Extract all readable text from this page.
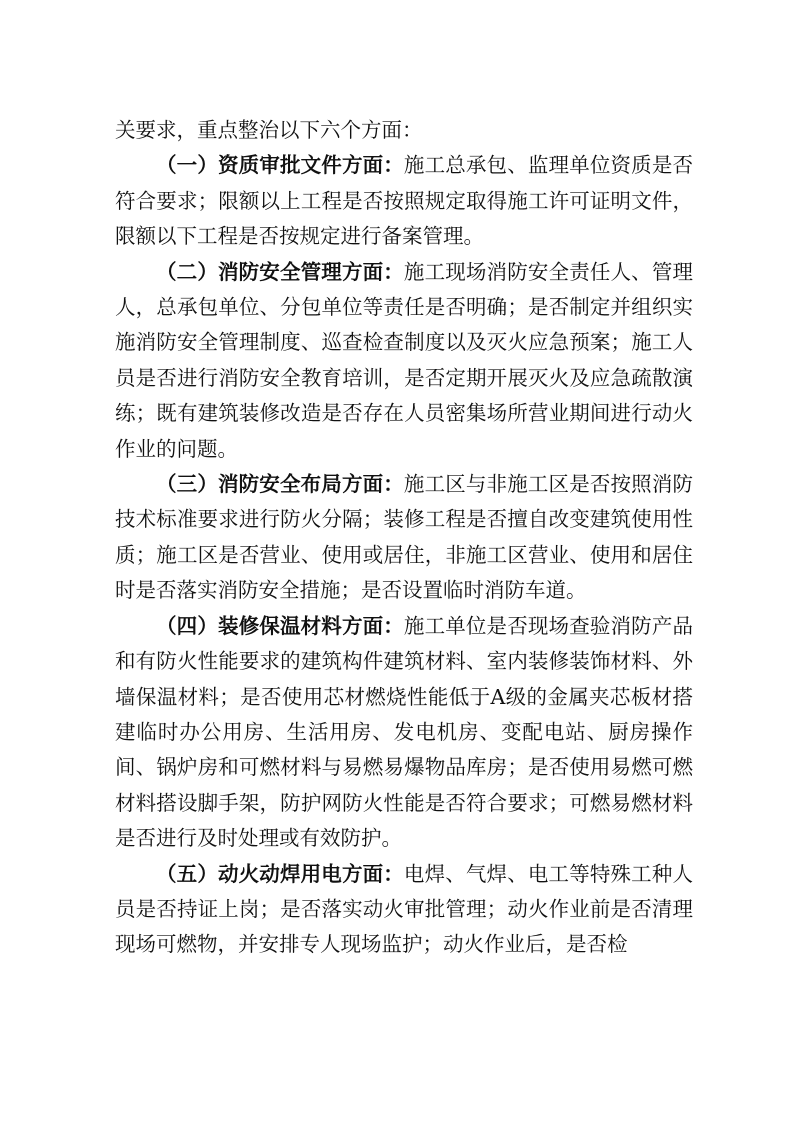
关要求，重点整治以下六个方面：

（一）资质审批文件方面：施工总承包、监理单位资质是否符合要求；限额以上工程是否按照规定取得施工许可证明文件，限额以下工程是否按规定进行备案管理。

（二）消防安全管理方面：施工现场消防安全责任人、管理人，总承包单位、分包单位等责任是否明确；是否制定并组织实施消防安全管理制度、巡查检查制度以及灭火应急预案；施工人员是否进行消防安全教育培训，是否定期开展灭火及应急疏散演练；既有建筑装修改造是否存在人员密集场所营业期间进行动火作业的问题。

（三）消防安全布局方面：施工区与非施工区是否按照消防技术标准要求进行防火分隔；装修工程是否擅自改变建筑使用性质；施工区是否营业、使用或居住，非施工区营业、使用和居住时是否落实消防安全措施；是否设置临时消防车道。

（四）装修保温材料方面：施工单位是否现场查验消防产品和有防火性能要求的建筑构件建筑材料、室内装修装饰材料、外墙保温材料；是否使用芯材燃烧性能低于A级的金属夹芯板材搭建临时办公用房、生活用房、发电机房、变配电站、厨房操作间、锅炉房和可燃材料与易燃易爆物品库房；是否使用易燃可燃材料搭设脚手架，防护网防火性能是否符合要求；可燃易燃材料是否进行及时处理或有效防护。

（五）动火动焊用电方面：电焊、气焊、电工等特殊工种人员是否持证上岗；是否落实动火审批管理；动火作业前是否清理现场可燃物，并安排专人现场监护；动火作业后，是否检
